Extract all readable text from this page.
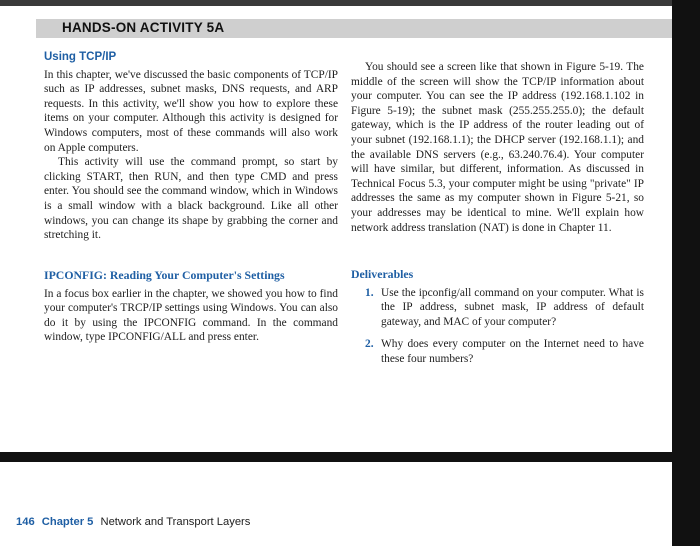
HANDS-ON ACTIVITY 5A
Using TCP/IP

In this chapter, we've discussed the basic components of TCP/IP such as IP addresses, subnet masks, DNS requests, and ARP requests. In this activity, we'll show you how to explore these items on your computer. Although this activity is designed for Windows computers, most of these commands will also work on Apple computers.

This activity will use the command prompt, so start by clicking START, then RUN, and then type CMD and press enter. You should see the command window, which in Windows is a small window with a black background. Like all other windows, you can change its shape by grabbing the corner and stretching it.

IPCONFIG: Reading Your Computer's Settings

In a focus box earlier in the chapter, we showed you how to find your computer's TRCP/IP settings using Windows. You can also do it by using the IPCONFIG command. In the command window, type IPCONFIG/ALL and press enter.

You should see a screen like that shown in Figure 5-19. The middle of the screen will show the TCP/IP information about your computer. You can see the IP address (192.168.1.102 in Figure 5-19); the subnet mask (255.255.255.0); the default gateway, which is the IP address of the router leading out of your subnet (192.168.1.1); the DHCP server (192.168.1.1); and the available DNS servers (e.g., 63.240.76.4). Your computer will have similar, but different, information. As discussed in Technical Focus 5.3, your computer might be using "private" IP addresses the same as my computer shown in Figure 5-21, so your addresses may be identical to mine. We'll explain how network address translation (NAT) is done in Chapter 11.

Deliverables
1. Use the ipconfig/all command on your computer. What is the IP address, subnet mask, IP address of default gateway, and MAC of your computer?
2. Why does every computer on the Internet need to have these four numbers?
146 Chapter 5 Network and Transport Layers
